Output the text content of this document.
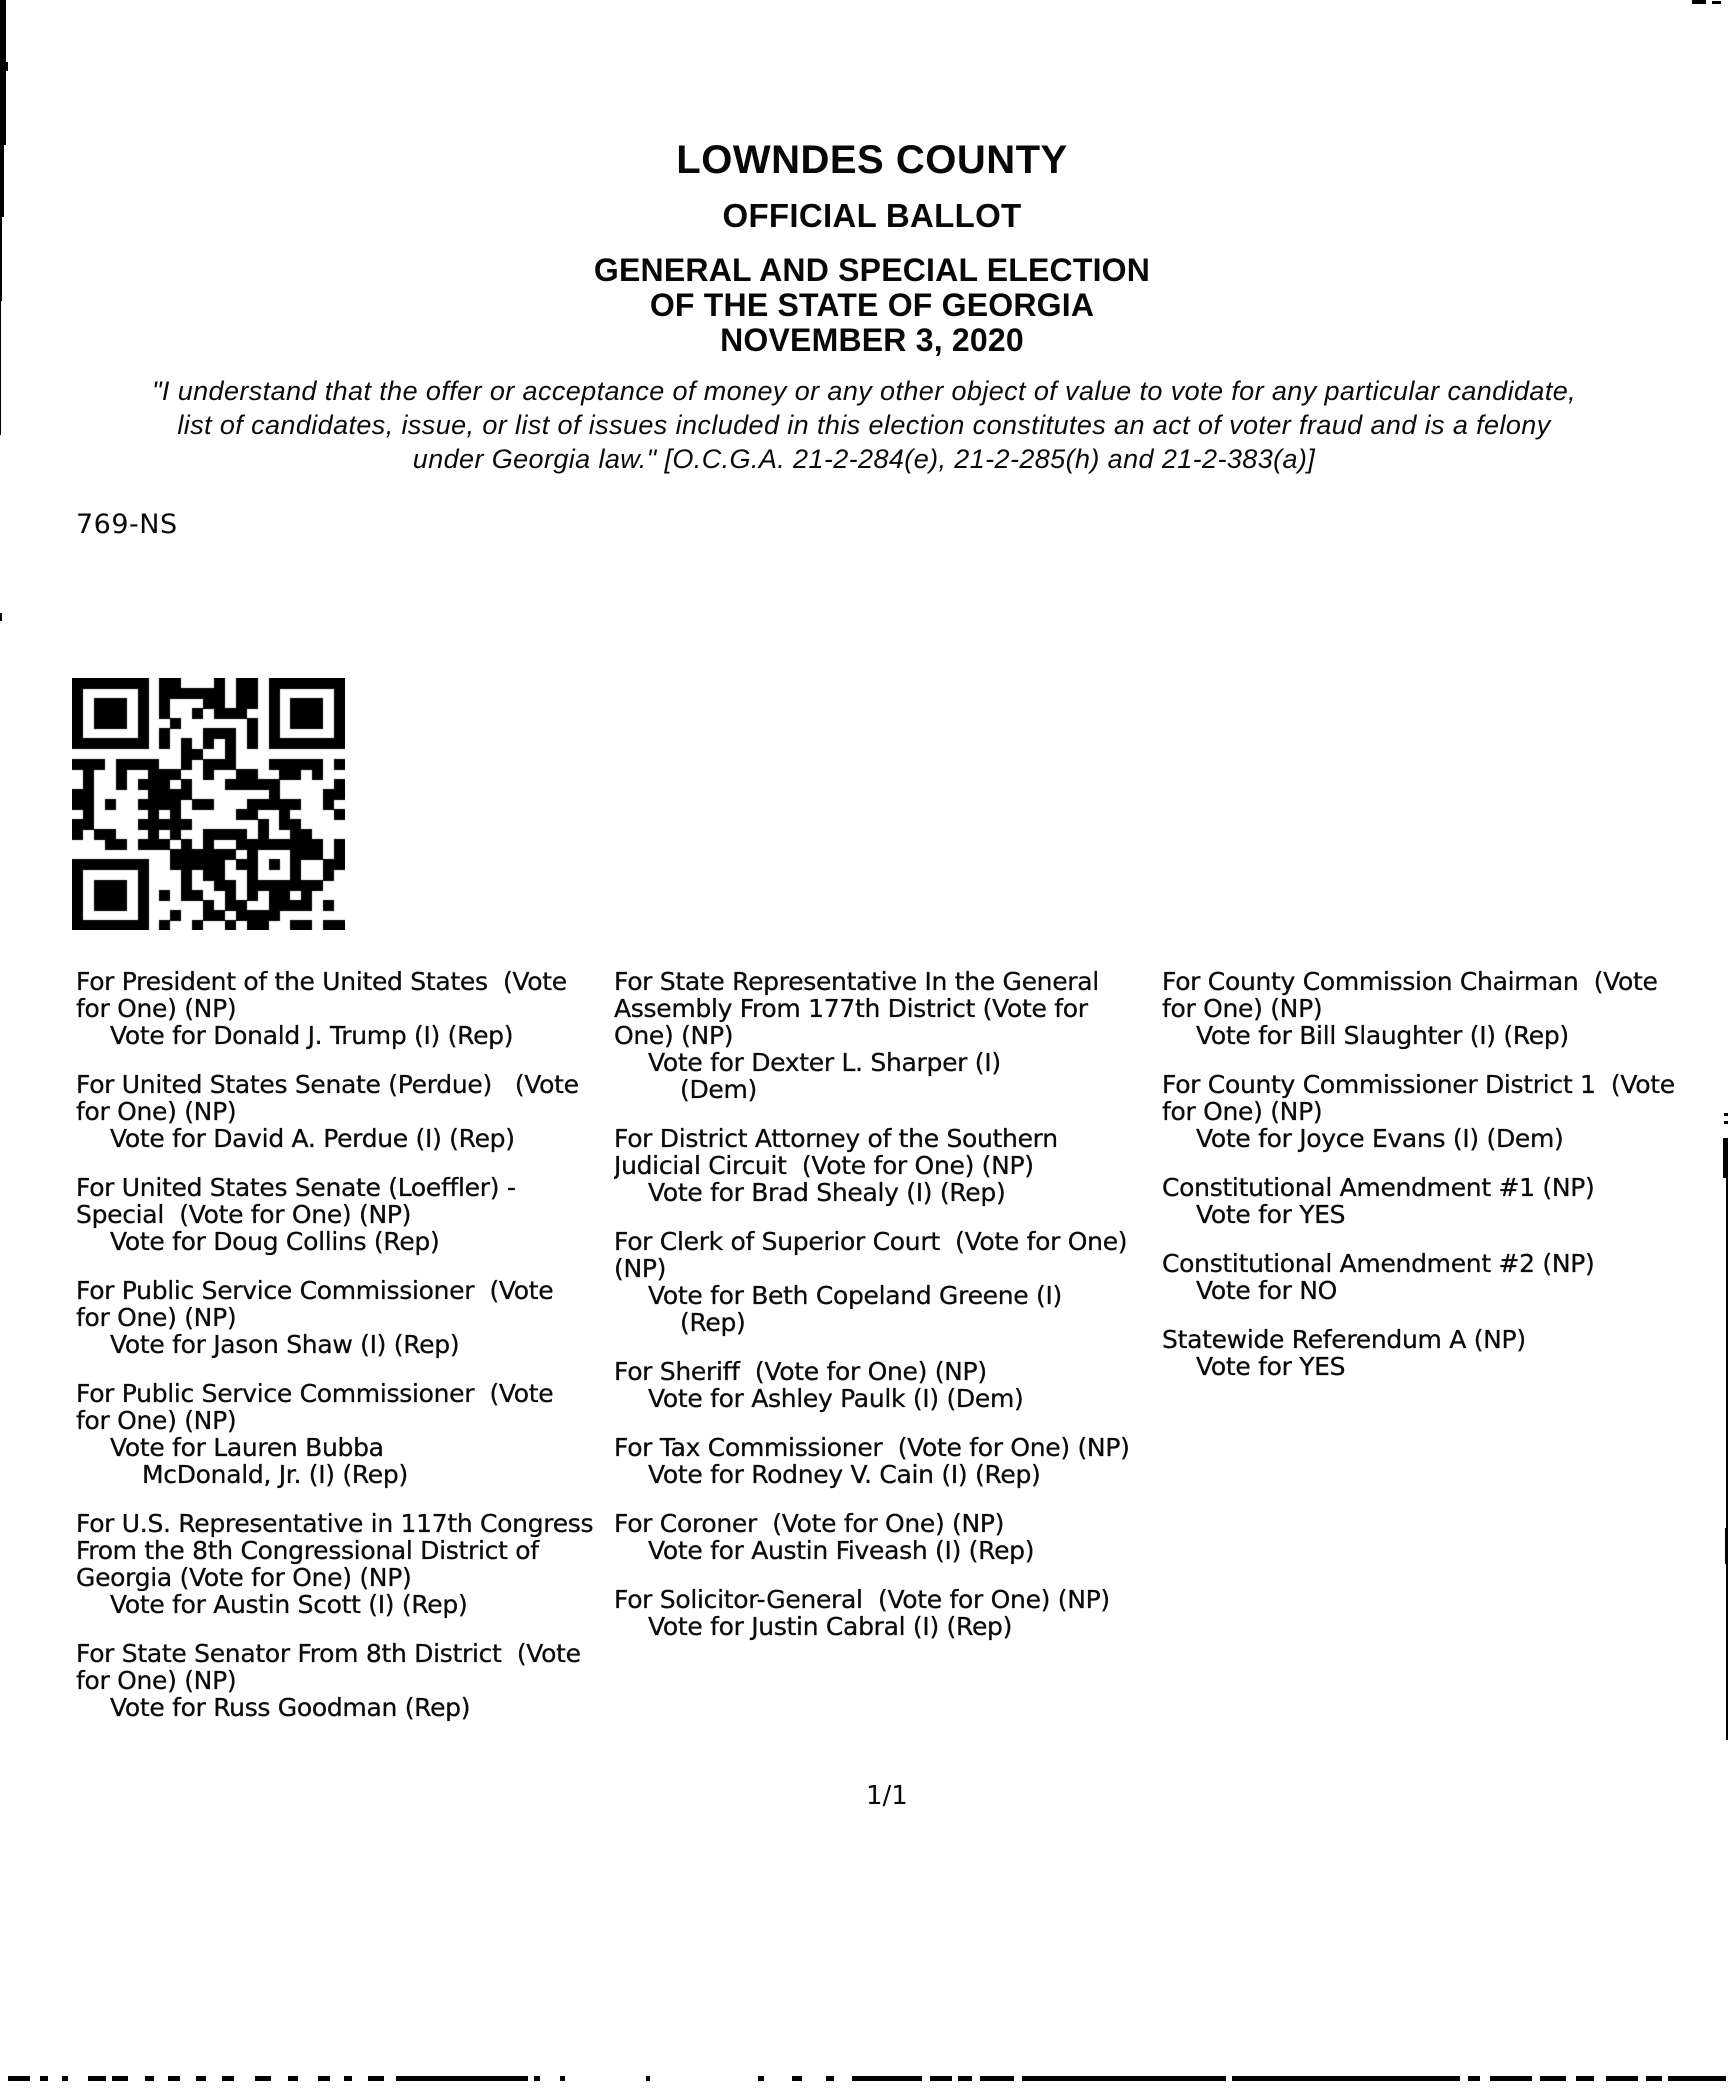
LOWNDES COUNTY
OFFICIAL BALLOT
GENERAL AND SPECIAL ELECTION
OF THE STATE OF GEORGIA
NOVEMBER 3, 2020
"I understand that the offer or acceptance of money or any other object of value to vote for any particular candidate,
list of candidates, issue, or list of issues included in this election constitutes an act of voter fraud and is a felony
under Georgia law." [O.C.G.A. 21-2-284(e), 21-2-285(h) and 21-2-383(a)]
769-NS
For President of the United States  (Vote
for One) (NP)
Vote for Donald J. Trump (I) (Rep)
For United States Senate (Perdue)   (Vote
for One) (NP)
Vote for David A. Perdue (I) (Rep)
For United States Senate (Loeffler) -
Special  (Vote for One) (NP)
Vote for Doug Collins (Rep)
For Public Service Commissioner  (Vote
for One) (NP)
Vote for Jason Shaw (I) (Rep)
For Public Service Commissioner  (Vote
for One) (NP)
Vote for Lauren Bubba
McDonald, Jr. (I) (Rep)
For U.S. Representative in 117th Congress
From the 8th Congressional District of
Georgia (Vote for One) (NP)
Vote for Austin Scott (I) (Rep)
For State Senator From 8th District  (Vote
for One) (NP)
Vote for Russ Goodman (Rep)
For State Representative In the General
Assembly From 177th District (Vote for
One) (NP)
Vote for Dexter L. Sharper (I)
(Dem)
For District Attorney of the Southern
Judicial Circuit  (Vote for One) (NP)
Vote for Brad Shealy (I) (Rep)
For Clerk of Superior Court  (Vote for One)
(NP)
Vote for Beth Copeland Greene (I)
(Rep)
For Sheriff  (Vote for One) (NP)
Vote for Ashley Paulk (I) (Dem)
For Tax Commissioner  (Vote for One) (NP)
Vote for Rodney V. Cain (I) (Rep)
For Coroner  (Vote for One) (NP)
Vote for Austin Fiveash (I) (Rep)
For Solicitor-General  (Vote for One) (NP)
Vote for Justin Cabral (I) (Rep)
For County Commission Chairman  (Vote
for One) (NP)
Vote for Bill Slaughter (I) (Rep)
For County Commissioner District 1  (Vote
for One) (NP)
Vote for Joyce Evans (I) (Dem)
Constitutional Amendment #1 (NP)
Vote for YES
Constitutional Amendment #2 (NP)
Vote for NO
Statewide Referendum A (NP)
Vote for YES
1/1
